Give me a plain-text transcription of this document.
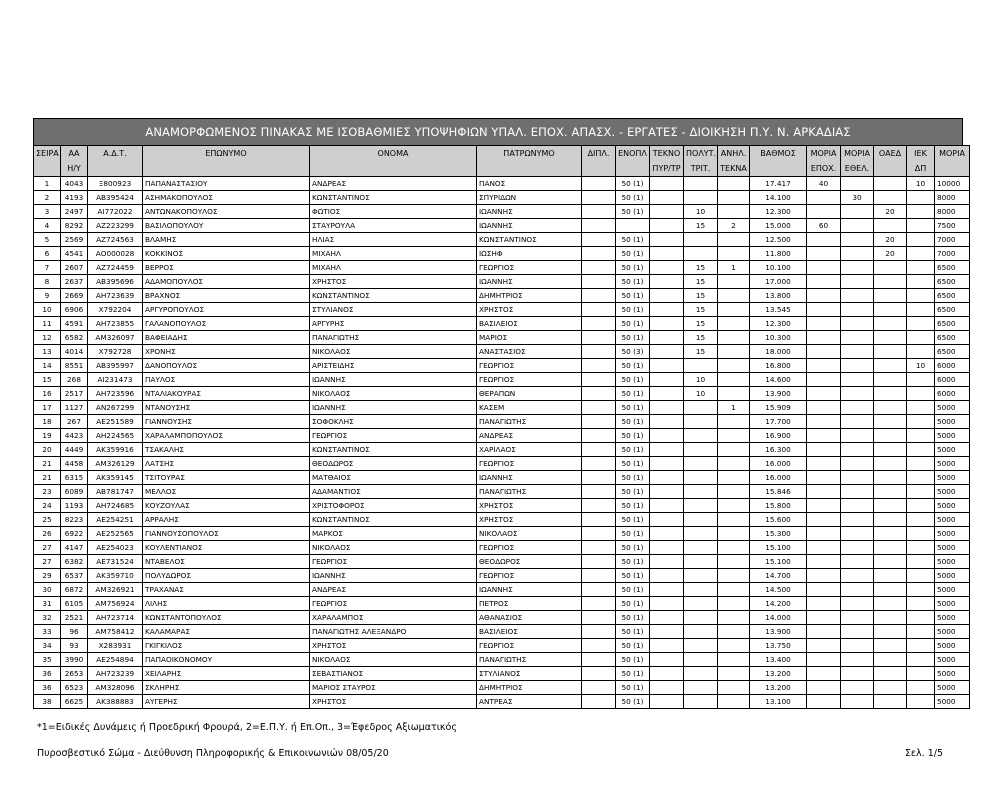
ΑΝΑΜΟΡΦΩΜΕΝΟΣ ΠΙΝΑΚΑΣ ΜΕ ΙΣΟΒΑΘΜΙΕΣ ΥΠΟΨΗΦΙΩΝ ΥΠΑΛ. ΕΠΟΧ. ΑΠΑΣΧ. - ΕΡΓΑΤΕΣ - ΔΙΟΙΚΗΣΗ Π.Υ. Ν. ΑΡΚΑΔΙΑΣ
ΣΕΙΡΑ	ΑΑ	Α.Δ.Τ.	ΕΠΩΝΥΜΟ	ΟΝΟΜΑ	ΠΑΤΡΩΝΥΜΟ	ΔΙΠΛ.	ΕΝΟΠΛ	ΤΕΚΝΟ	ΠΟΛΥΤ.	ΑΝΗΛ.	ΒΑΘΜΟΣ	ΜΟΡΙΑ	ΜΟΡΙΑ	ΟΑΕΔ	ΙΕΚ	ΜΟΡΙΑ
	Η/Υ							ΠΥΡ/ΤΡ	ΤΡΙΤ.	ΤΕΚΝΑ		ΕΠΟΧ.	ΕΘΕΛ.		ΔΠ	
1	4043	Ξ800923	ΠΑΠΑΝΑΣΤΑΣΙΟΥ	ΑΝΔΡΕΑΣ	ΠΑΝΟΣ		50 (1)				17.417	40			10	10000
2	4193	ΑΒ395424	ΑΣΗΜΑΚΟΠΟΥΛΟΣ	ΚΩΝΣΤΑΝΤΙΝΟΣ	ΣΠΥΡΙΔΩΝ		50 (1)				14.100		30			8000
3	2497	ΑΙ772022	ΑΝΤΩΝΑΚΟΠΟΥΛΟΣ	ΦΩΤΙΟΣ	ΙΩΑΝΝΗΣ		50 (1)		10		12.300			20		8000
4	8292	ΑΖ223299	ΒΑΣΙΛΟΠΟΥΛΟΥ	ΣΤΑΥΡΟΥΛΑ	ΙΩΑΝΝΗΣ				15	2	15.000	60				7500
5	2569	ΑΖ724563	ΒΛΑΜΗΣ	ΗΛΙΑΣ	ΚΩΝΣΤΑΝΤΙΝΟΣ		50 (1)				12.500			20		7000
6	4541	ΑΟ000028	ΚΟΚΚΙΝΟΣ	ΜΙΧΑΗΛ	ΙΩΣΗΦ		50 (1)				11.800			20		7000
7	2607	ΑΖ724459	ΒΕΡΡΟΣ	ΜΙΧΑΗΛ	ΓΕΩΡΓΙΟΣ		50 (1)		15	1	10.100					6500
8	2637	ΑΒ395696	ΑΔΑΜΟΠΟΥΛΟΣ	ΧΡΗΣΤΟΣ	ΙΩΑΝΝΗΣ		50 (1)		15		17.000					6500
9	2669	ΑΗ723639	ΒΡΑΧΝΟΣ	ΚΩΝΣΤΑΝΤΙΝΟΣ	ΔΗΜΗΤΡΙΟΣ		50 (1)		15		13.800					6500
10	6906	Χ792204	ΑΡΓΥΡΟΠΟΥΛΟΣ	ΣΤΥΛΙΑΝΟΣ	ΧΡΗΣΤΟΣ		50 (1)		15		13.545					6500
11	4591	ΑΗ723855	ΓΑΛΑΝΟΠΟΥΛΟΣ	ΑΡΓΥΡΗΣ	ΒΑΣΙΛΕΙΟΣ		50 (1)		15		12.300					6500
12	6582	ΑΜ326097	ΒΑΦΕΙΑΔΗΣ	ΠΑΝΑΓΙΩΤΗΣ	ΜΑΡΙΟΣ		50 (1)		15		10.300					6500
13	4014	Χ792728	ΧΡΟΝΗΣ	ΝΙΚΟΛΑΟΣ	ΑΝΑΣΤΑΣΙΟΣ		50 (3)		15		18.000					6500
14	8551	ΑΒ395997	ΔΑΝΟΠΟΥΛΟΣ	ΑΡΙΣΤΕΙΔΗΣ	ΓΕΩΡΓΙΟΣ		50 (1)				16.800				10	6000
15	268	ΑΙ231473	ΠΑΥΛΟΣ	ΙΩΑΝΝΗΣ	ΓΕΩΡΓΙΟΣ		50 (1)		10		14.600					6000
16	2517	ΑΗ723596	ΝΤΑΛΙΑΚΟΥΡΑΣ	ΝΙΚΟΛΑΟΣ	ΘΕΡΑΠΩΝ		50 (1)		10		13.900					6000
17	1127	ΑΝ267299	ΝΤΑΝΟΥΣΗΣ	ΙΩΑΝΝΗΣ	ΚΑΣΕΜ		50 (1)			1	15.909					5000
18	267	ΑΕ251589	ΓΙΑΝΝΟΥΣΗΣ	ΣΟΦΟΚΛΗΣ	ΠΑΝΑΓΙΩΤΗΣ		50 (1)				17.700					5000
19	4423	ΑΗ224565	ΧΑΡΑΛΑΜΠΟΠΟΥΛΟΣ	ΓΕΩΡΓΙΟΣ	ΑΝΔΡΕΑΣ		50 (1)				16.900					5000
20	4449	ΑΚ359916	ΤΣΑΚΑΛΗΣ	ΚΩΝΣΤΑΝΤΙΝΟΣ	ΧΑΡΙΛΑΟΣ		50 (1)				16.300					5000
21	4458	ΑΜ326129	ΛΑΤΣΗΣ	ΘΕΟΔΩΡΟΣ	ΓΕΩΡΓΙΟΣ		50 (1)				16.000					5000
21	6315	ΑΚ359145	ΤΣΙΤΟΥΡΑΣ	ΜΑΤΘΑΙΟΣ	ΙΩΑΝΝΗΣ		50 (1)				16.000					5000
23	6089	ΑΒ781747	ΜΕΛΛΟΣ	ΑΔΑΜΑΝΤΙΟΣ	ΠΑΝΑΓΙΩΤΗΣ		50 (1)				15.846					5000
24	1193	ΑΗ724685	ΚΟΥΖΟΥΛΑΣ	ΧΡΙΣΤΟΦΟΡΟΣ	ΧΡΗΣΤΟΣ		50 (1)				15.800					5000
25	8223	ΑΕ254251	ΑΡΡΑΛΗΣ	ΚΩΝΣΤΑΝΤΙΝΟΣ	ΧΡΗΣΤΟΣ		50 (1)				15.600					5000
26	6922	ΑΕ252565	ΓΙΑΝΝΟΥΣΟΠΟΥΛΟΣ	ΜΑΡΚΟΣ	ΝΙΚΟΛΑΟΣ		50 (1)				15.300					5000
27	4147	ΑΕ254023	ΚΟΥΛΕΝΤΙΑΝΟΣ	ΝΙΚΟΛΑΟΣ	ΓΕΩΡΓΙΟΣ		50 (1)				15.100					5000
27	6382	ΑΕ731524	ΝΤΑΒΕΛΟΣ	ΓΕΩΡΓΙΟΣ	ΘΕΟΔΩΡΟΣ		50 (1)				15.100					5000
29	6537	ΑΚ359710	ΠΟΛΥΔΩΡΟΣ	ΙΩΑΝΝΗΣ	ΓΕΩΡΓΙΟΣ		50 (1)				14.700					5000
30	6872	ΑΜ326921	ΤΡΑΧΑΝΑΣ	ΑΝΔΡΕΑΣ	ΙΩΑΝΝΗΣ		50 (1)				14.500					5000
31	6105	ΑΜ756924	ΛΙΛΗΣ	ΓΕΩΡΓΙΟΣ	ΠΕΤΡΟΣ		50 (1)				14.200					5000
32	2521	ΑΗ723714	ΚΩΝΣΤΑΝΤΟΠΟΥΛΟΣ	ΧΑΡΑΛΑΜΠΟΣ	ΑΘΑΝΑΣΙΟΣ		50 (1)				14.000					5000
33	96	ΑΜ758412	ΚΑΛΑΜΑΡΑΣ	ΠΑΝΑΓΙΩΤΗΣ ΑΛΕΞΑΝΔΡΟ	ΒΑΣΙΛΕΙΟΣ		50 (1)				13.900					5000
34	93	Χ283931	ΓΚΙΓΚΙΛΟΣ	ΧΡΗΣΤΟΣ	ΓΕΩΡΓΙΟΣ		50 (1)				13.750					5000
35	3990	ΑΕ254894	ΠΑΠΑΟΙΚΟΝΟΜΟΥ	ΝΙΚΟΛΑΟΣ	ΠΑΝΑΓΙΩΤΗΣ		50 (1)				13.400					5000
36	2653	ΑΗ723239	ΧΕΙΛΑΡΗΣ	ΣΕΒΑΣΤΙΑΝΟΣ	ΣΤΥΛΙΑΝΟΣ		50 (1)				13.200					5000
36	6523	ΑΜ328096	ΣΚΛΗΡΗΣ	ΜΑΡΙΟΣ ΣΤΑΥΡΟΣ	ΔΗΜΗΤΡΙΟΣ		50 (1)				13.200					5000
38	6625	ΑΚ388883	ΑΥΓΕΡΗΣ	ΧΡΗΣΤΟΣ	ΑΝΤΡΕΑΣ		50 (1)				13.100					5000
*1=Ειδικές Δυνάμεις ή Προεδρική Φρουρά, 2=Ε.Π.Υ. ή Επ.Οπ., 3=Έφεδρος Αξιωματικός
Πυροσβεστικό Σώμα - Διεύθυνση Πληροφορικής & Επικοινωνιών 08/05/20	Σελ. 1/5
